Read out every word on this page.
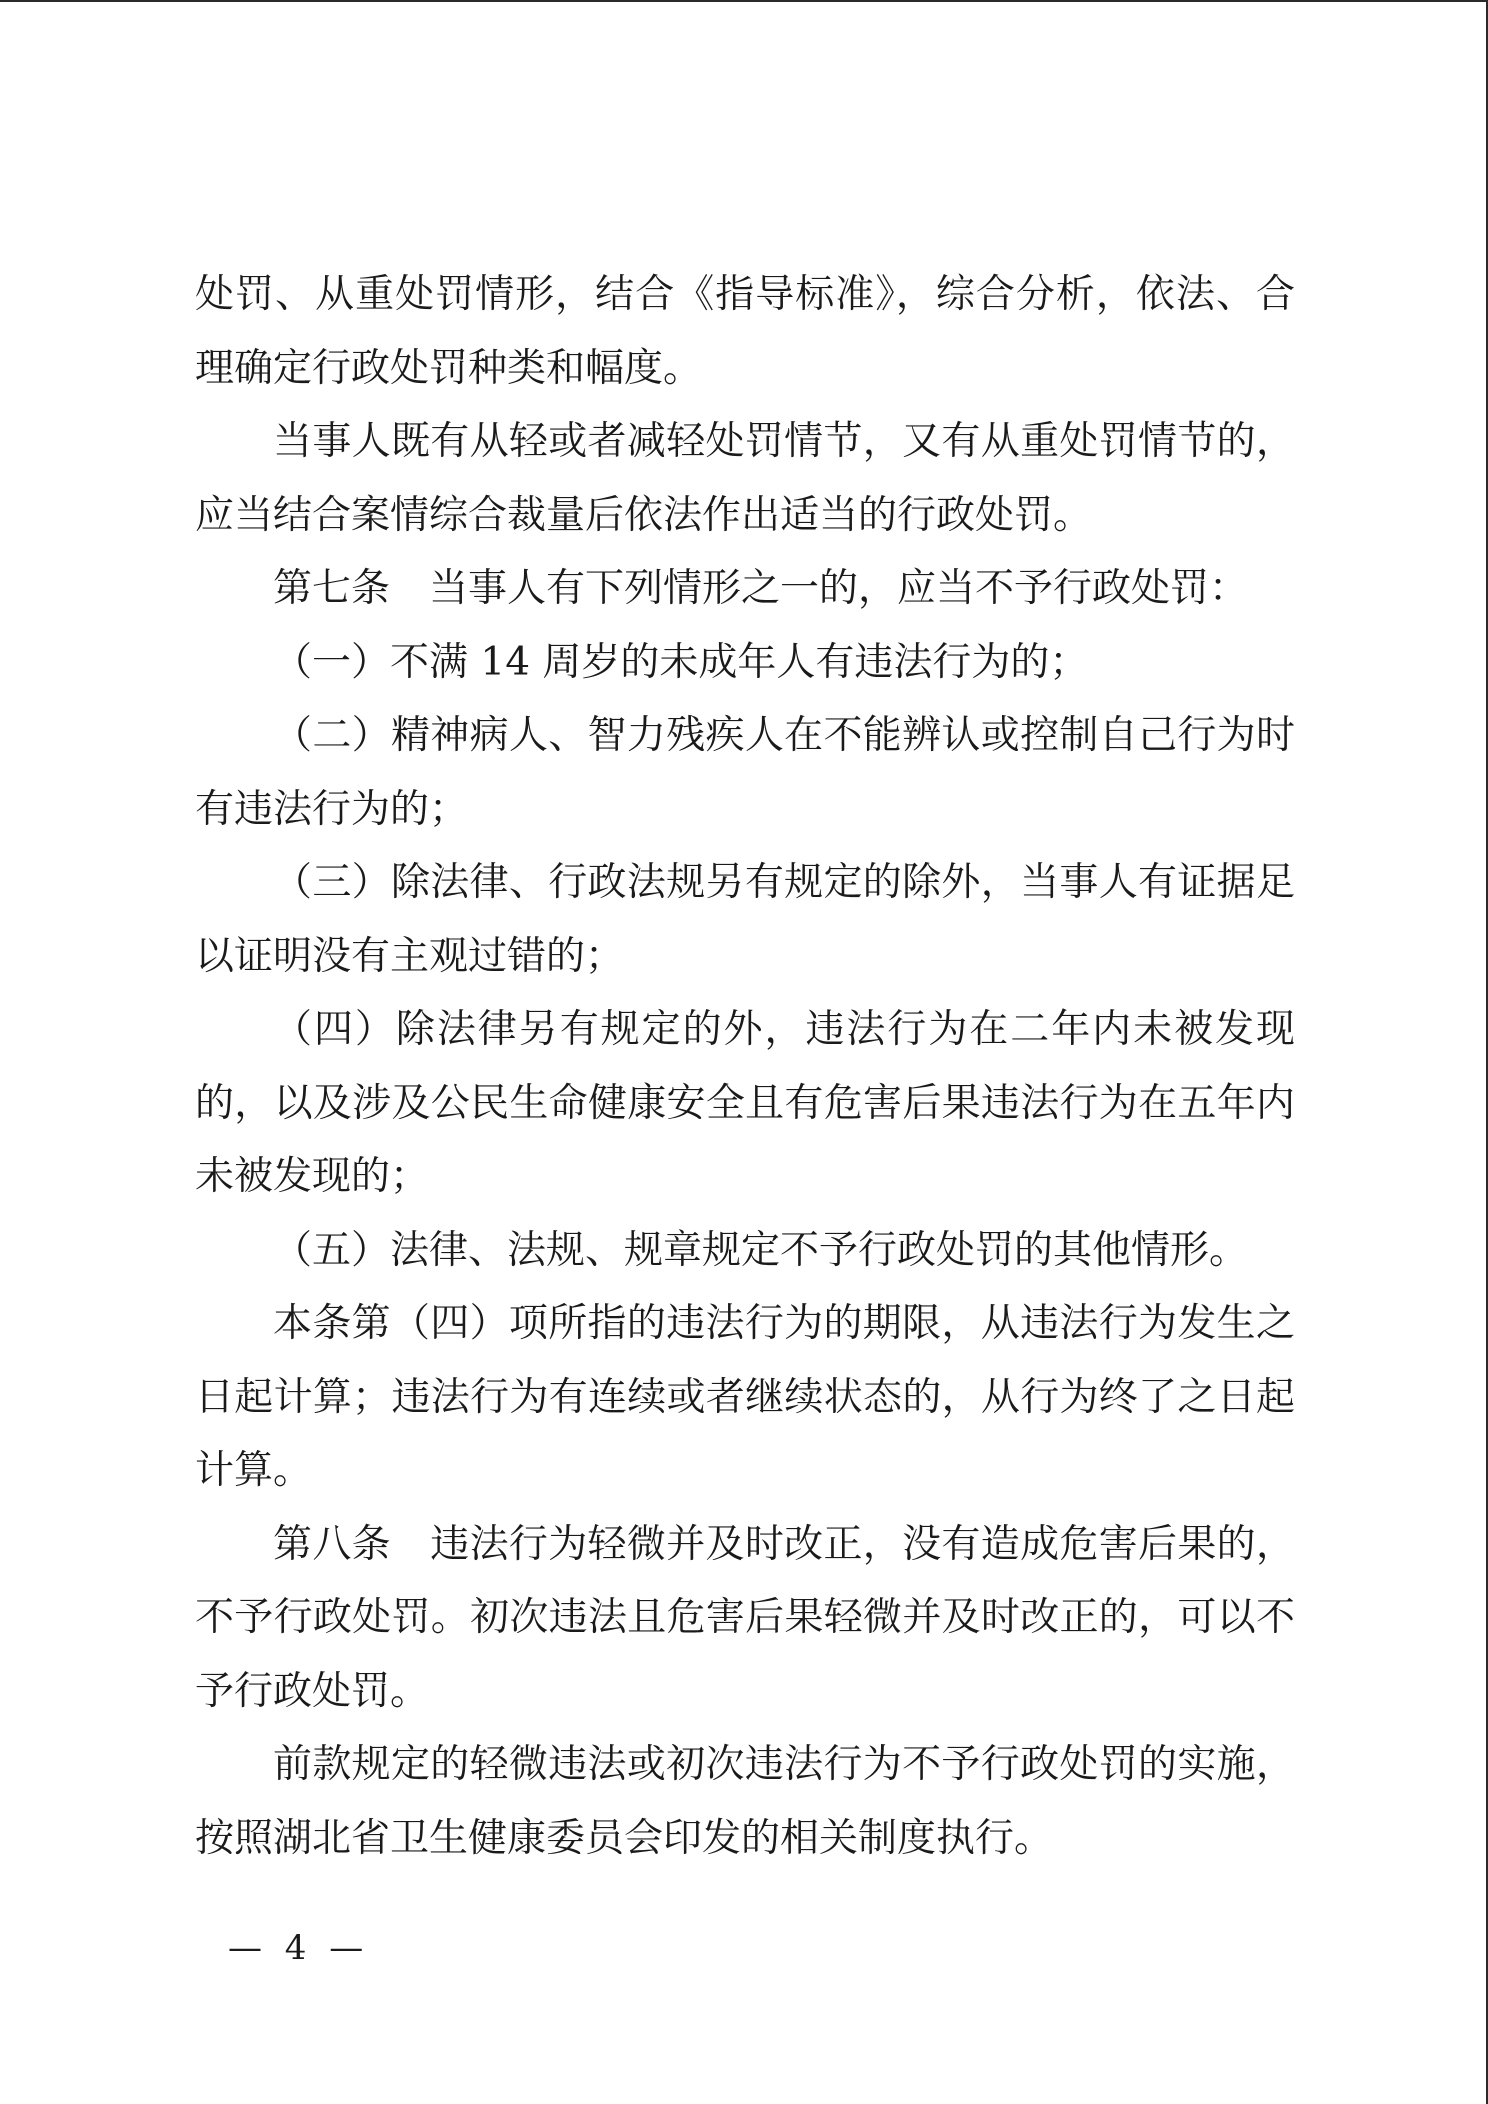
处罚、从重处罚情形，结合《指导标准》，综合分析，依法、合理确定行政处罚种类和幅度。

当事人既有从轻或者减轻处罚情节，又有从重处罚情节的，应当结合案情综合裁量后依法作出适当的行政处罚。

第七条　当事人有下列情形之一的，应当不予行政处罚：

（一）不满 14 周岁的未成年人有违法行为的；

（二）精神病人、智力残疾人在不能辨认或控制自己行为时有违法行为的；

（三）除法律、行政法规另有规定的除外，当事人有证据足以证明没有主观过错的；

（四）除法律另有规定的外，违法行为在二年内未被发现的，以及涉及公民生命健康安全且有危害后果违法行为在五年内未被发现的；

（五）法律、法规、规章规定不予行政处罚的其他情形。

本条第（四）项所指的违法行为的期限，从违法行为发生之日起计算；违法行为有连续或者继续状态的，从行为终了之日起计算。

第八条　违法行为轻微并及时改正，没有造成危害后果的，不予行政处罚。初次违法且危害后果轻微并及时改正的，可以不予行政处罚。

前款规定的轻微违法或初次违法行为不予行政处罚的实施，按照湖北省卫生健康委员会印发的相关制度执行。

— 4 —
